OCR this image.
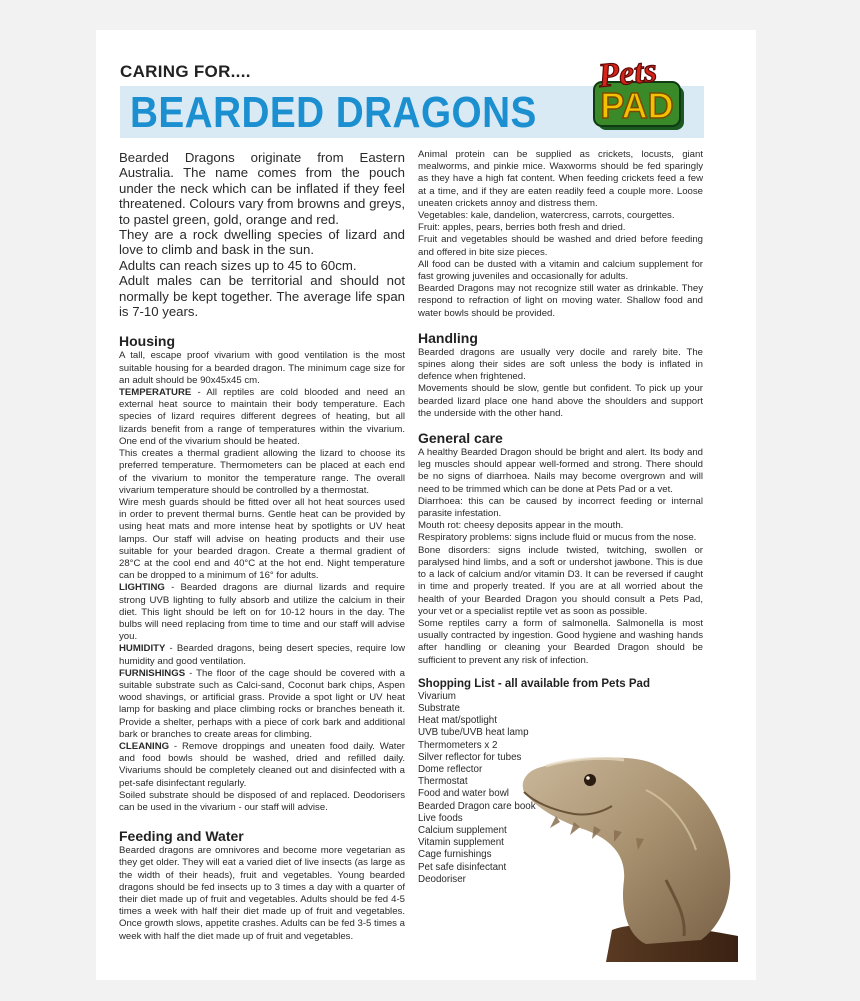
CARING FOR....
BEARDED DRAGONS PAD
Pets

Bearded Dragons originate from Eastern Australia. The name comes from the pouch under the neck which can be inflated if they feel threatened. Colours vary from browns and greys, to pastel green, gold, orange and red.

They are a rock dwelling species of lizard and love to climb and bask in the sun.

Adults can reach sizes up to 45 to 60cm.

Adult males can be territorial and should not normally be kept together. The average life span is 7-10 years.

Housing

A tall, escape proof vivarium with good ventilation is the most suitable housing for a bearded dragon. The minimum cage size for an adult should be 90x45x45 cm.

TEMPERATURE - All reptiles are cold blooded and need an external heat source to maintain their body temperature. Each species of lizard requires different degrees of heating, but all lizards benefit from a range of temperatures within the vivarium. One end of the vivarium should be heated.

This creates a thermal gradient allowing the lizard to choose its preferred temperature. Thermometers can be placed at each end of the vivarium to monitor the temperature range. The overall vivarium temperature should be controlled by a thermostat.

Wire mesh guards should be fitted over all hot heat sources used in order to prevent thermal burns. Gentle heat can be provided by using heat mats and more intense heat by spotlights or UV heat lamps. Our staff will advise on heating products and their use suitable for your bearded dragon. Create a thermal gradient of 28°C at the cool end and 40°C at the hot end. Night temperature can be dropped to a minimum of 16° for adults.

LIGHTING - Bearded dragons are diurnal lizards and require strong UVB lighting to fully absorb and utilize the calcium in their diet. This light should be left on for 10-12 hours in the day. The bulbs will need replacing from time to time and our staff will advise you.

HUMIDITY - Bearded dragons, being desert species, require low humidity and good ventilation.

FURNISHINGS - The floor of the cage should be covered with a suitable substrate such as Calci-sand, Coconut bark chips, Aspen wood shavings, or artificial grass. Provide a spot light or UV heat lamp for basking and place climbing rocks or branches beneath it. Provide a shelter, perhaps with a piece of cork bark and additional bark or branches to create areas for climbing.

CLEANING - Remove droppings and uneaten food daily. Water and food bowls should be washed, dried and refilled daily. Vivariums should be completely cleaned out and disinfected with a pet-safe disinfectant regularly.

Soiled substrate should be disposed of and replaced. Deodorisers can be used in the vivarium - our staff will advise.

Feeding and Water

Bearded dragons are omnivores and become more vegetarian as they get older. They will eat a varied diet of live insects (as large as the width of their heads), fruit and vegetables. Young bearded dragons should be fed insects up to 3 times a day with a quarter of their diet made up of fruit and vegetables. Adults should be fed 4-5 times a week with half their diet made up of fruit and vegetables. Once growth slows, appetite crashes. Adults can be fed 3-5 times a week with half the diet made up of fruit and vegetables.

Animal protein can be supplied as crickets, locusts, giant mealworms, and pinkie mice. Waxworms should be fed sparingly as they have a high fat content. When feeding crickets feed a few at a time, and if they are eaten readily feed a couple more. Loose uneaten crickets annoy and distress them.

Vegetables: kale, dandelion, watercress, carrots, courgettes.

Fruit: apples, pears, berries both fresh and dried.

Fruit and vegetables should be washed and dried before feeding and offered in bite size pieces.

All food can be dusted with a vitamin and calcium supplement for fast growing juveniles and occasionally for adults.

Bearded Dragons may not recognize still water as drinkable. They respond to refraction of light on moving water. Shallow food and water bowls should be provided.

Handling

Bearded dragons are usually very docile and rarely bite. The spines along their sides are soft unless the body is inflated in defence when frightened.

Movements should be slow, gentle but confident. To pick up your bearded lizard place one hand above the shoulders and support the underside with the other hand.

General care

A healthy Bearded Dragon should be bright and alert. Its body and leg muscles should appear well-formed and strong. There should be no signs of diarrhoea. Nails may become overgrown and will need to be trimmed which can be done at Pets Pad or a vet.

Diarrhoea: this can be caused by incorrect feeding or internal parasite infestation.

Mouth rot: cheesy deposits appear in the mouth.

Respiratory problems: signs include fluid or mucus from the nose.

Bone disorders: signs include twisted, twitching, swollen or paralysed hind limbs, and a soft or undershot jawbone. This is due to a lack of calcium and/or vitamin D3. It can be reversed if caught in time and properly treated. If you are at all worried about the health of your Bearded Dragon you should consult a Pets Pad, your vet or a specialist reptile vet as soon as possible.

Some reptiles carry a form of salmonella. Salmonella is most usually contracted by ingestion. Good hygiene and washing hands after handling or cleaning your Bearded Dragon should be sufficient to prevent any risk of infection.

Shopping List - all available from Pets Pad
Vivarium
Substrate
Heat mat/spotlight
UVB tube/UVB heat lamp
Thermometers x 2
Silver reflector for tubes
Dome reflector
Thermostat
Food and water bowl
Bearded Dragon care book
Live foods
Calcium supplement
Vitamin supplement
Cage furnishings
Pet safe disinfectant
Deodoriser
